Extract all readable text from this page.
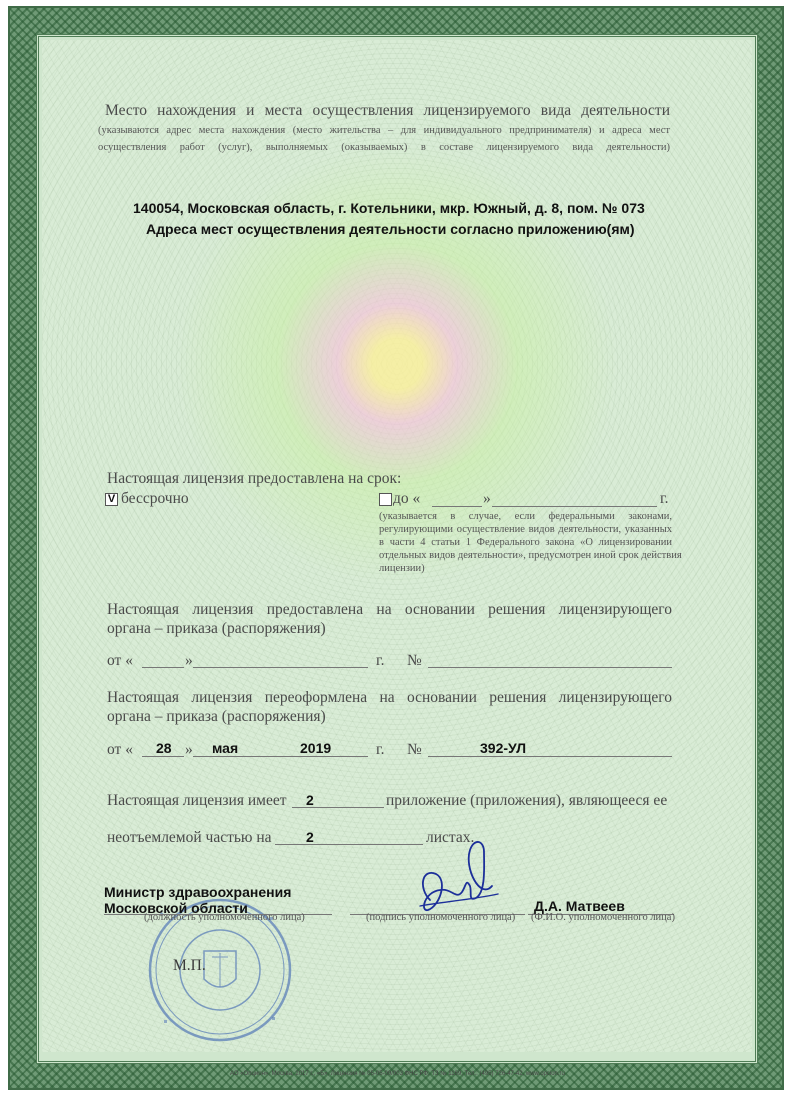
Место нахождения и места осуществления лицензируемого вида деятельности
(указываются адрес места нахождения (место жительства – для индивидуального предпринимателя) и адреса мест
осуществления работ (услуг), выполняемых (оказываемых) в составе лицензируемого вида деятельности)
140054, Московская область, г. Котельники, мкр. Южный, д. 8, пом. № 073
Адреса мест осуществления деятельности согласно приложению(ям)
Настоящая лицензия предоставлена на срок:
V бессрочно	до «	»	г.
(указывается в случае, если федеральными законами,
регулирующими осуществление видов деятельности, указанных
в части 4 статьи 1 Федерального закона «О лицензировании
отдельных видов деятельности», предусмотрен иной срок действия
лицензии)
Настоящая лицензия предоставлена на основании решения лицензирующего
органа – приказа (распоряжения)
от «	»	г. №
Настоящая лицензия переоформлена на основании решения лицензирующего
органа – приказа (распоряжения)
от « 28 » мая	2019	г. №	392-УЛ
Настоящая лицензия имеет 2	приложение (приложения), являющееся ее
неотъемлемой частью на 2	листах.
М.П.
Министр здравоохранения
Московской области
(должность уполномоченного лица)	(подпись уполномоченного лица)
Д.А. Матвеев
(Ф.И.О. уполномоченного лица)
АО «Опцион», Москва, 2017 г., «Б», Лицензия № 05-05-09/003 ФНС РФ, ТЗ № 1169, Тел.: (495) 726-47-42, www.opcion.ru
